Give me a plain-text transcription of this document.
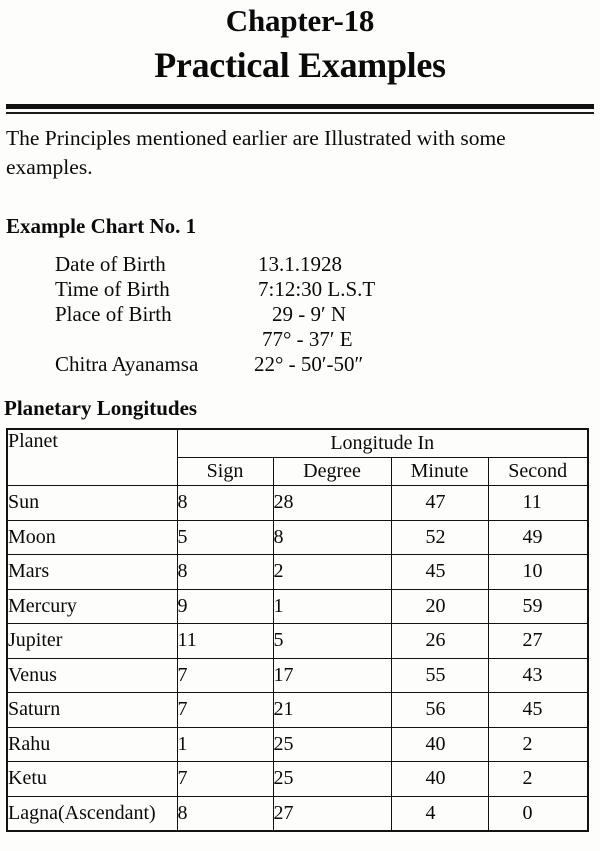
Chapter-18
Practical Examples
The Principles mentioned earlier are Illustrated with some examples.
Example Chart No. 1
Date of Birth	13.1.1928
Time of Birth	7:12:30 L.S.T
Place of Birth	29 - 9′ N
77° - 37′ E
Chitra Ayanamsa	22° - 50′-50″
Planetary Longitudes
Planet	Longitude In			
	Sign	Degree	Minute	Second
Sun	8	28	47	11
Moon	5	8	52	49
Mars	8	2	45	10
Mercury	9	1	20	59
Jupiter	11	5	26	27
Venus	7	17	55	43
Saturn	7	21	56	45
Rahu	1	25	40	2
Ketu	7	25	40	2
Lagna(Ascendant)	8	27	4	0
